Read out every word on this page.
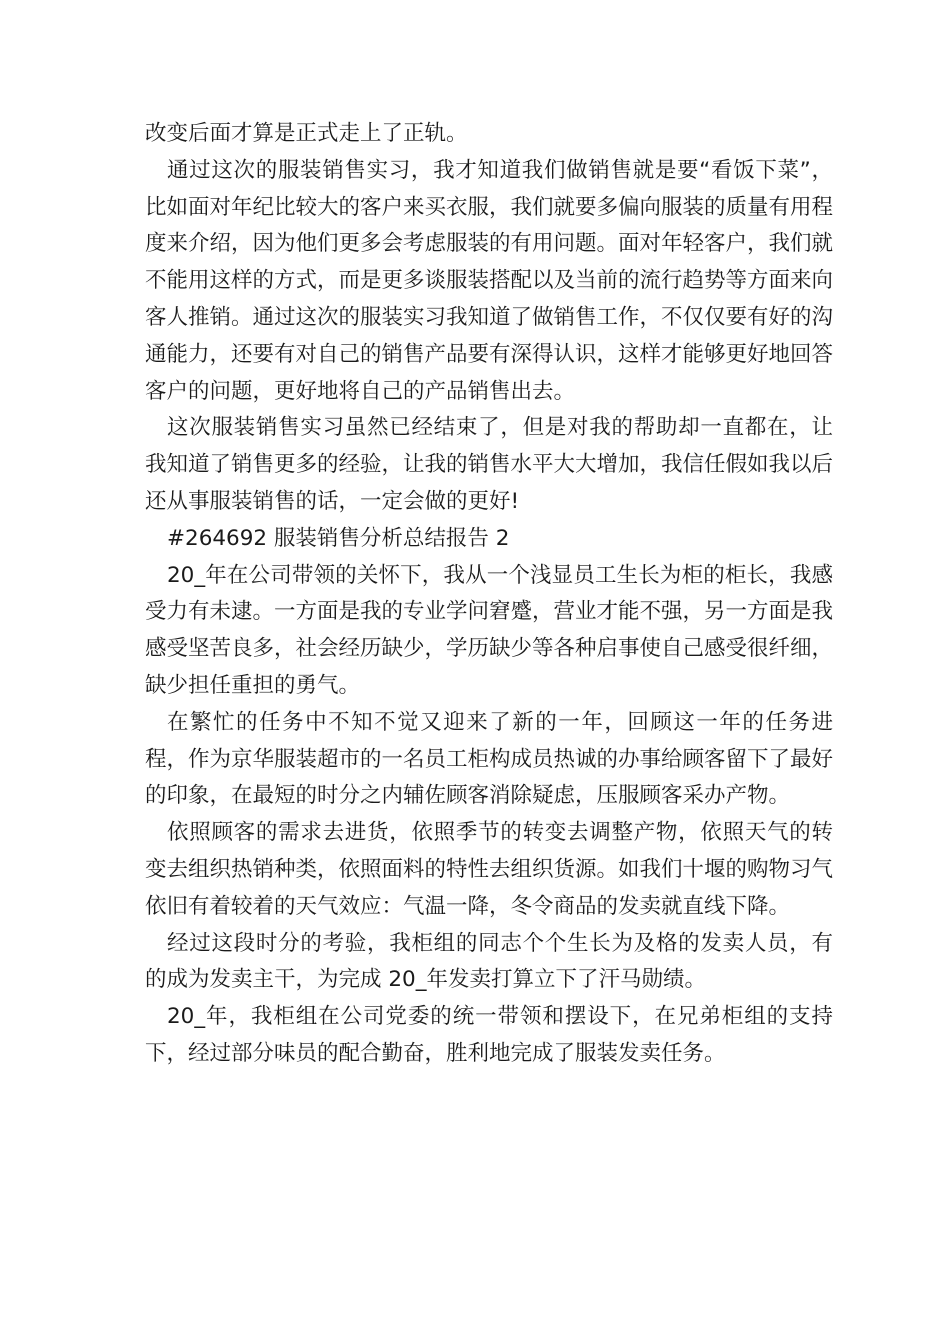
改变后面才算是正式走上了正轨。

通过这次的服装销售实习，我才知道我们做销售就是要“看饭下菜”，比如面对年纪比较大的客户来买衣服，我们就要多偏向服装的质量有用程度来介绍，因为他们更多会考虑服装的有用问题。面对年轻客户，我们就不能用这样的方式，而是更多谈服装搭配以及当前的流行趋势等方面来向客人推销。通过这次的服装实习我知道了做销售工作，不仅仅要有好的沟通能力，还要有对自己的销售产品要有深得认识，这样才能够更好地回答客户的问题，更好地将自己的产品销售出去。

这次服装销售实习虽然已经结束了，但是对我的帮助却一直都在，让我知道了销售更多的经验，让我的销售水平大大增加，我信任假如我以后还从事服装销售的话，一定会做的更好!

#264692 服装销售分析总结报告 2

20_年在公司带领的关怀下，我从一个浅显员工生长为柜的柜长，我感受力有未逮。一方面是我的专业学问窘蹙，营业才能不强，另一方面是我感受坚苦良多，社会经历缺少，学历缺少等各种启事使自己感受很纤细，缺少担任重担的勇气。

在繁忙的任务中不知不觉又迎来了新的一年，回顾这一年的任务进程，作为京华服装超市的一名员工柜构成员热诚的办事给顾客留下了最好的印象，在最短的时分之内辅佐顾客消除疑虑，压服顾客采办产物。

依照顾客的需求去进货，依照季节的转变去调整产物，依照天气的转变去组织热销种类，依照面料的特性去组织货源。如我们十堰的购物习气依旧有着较着的天气效应：气温一降，冬令商品的发卖就直线下降。

经过这段时分的考验，我柜组的同志个个生长为及格的发卖人员，有的成为发卖主干，为完成 20_年发卖打算立下了汗马勋绩。

20_年，我柜组在公司党委的统一带领和摆设下，在兄弟柜组的支持下，经过部分味员的配合勤奋，胜利地完成了服装发卖任务。
